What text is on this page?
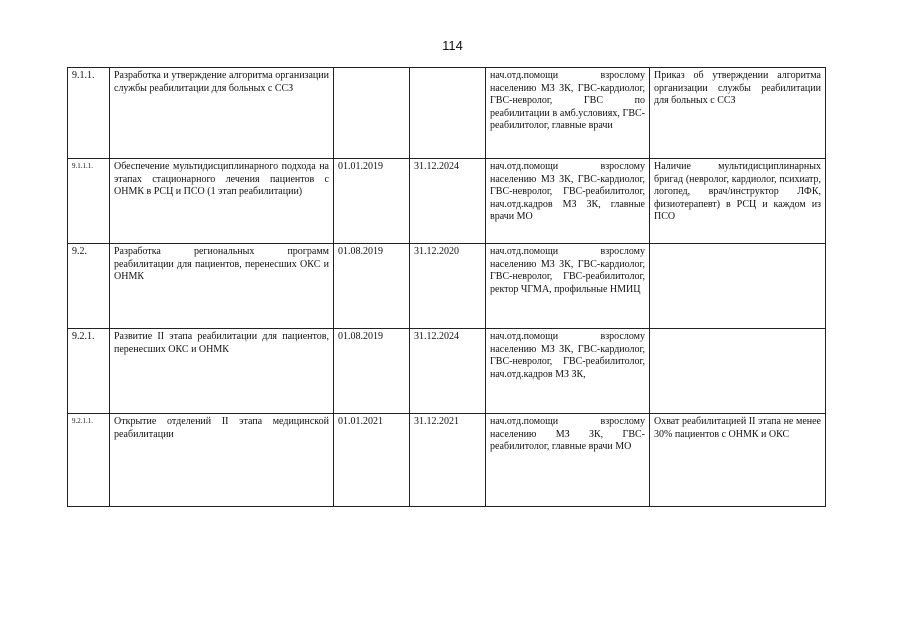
114
9.1.1.	Разработка и утверждение алгоритма организации службы реабилитации для больных с ССЗ			нач.отд.помощи взрослому населению МЗ ЗК, ГВС-кардиолог, ГВС-невролог, ГВС по реабилитации в амб.условиях, ГВС-реабилитолог, главные врачи	Приказ об утверждении алгоритма организации службы реабилитации для больных с ССЗ
9.1.1.1.	Обеспечение мультидисциплинарного подхода на этапах стационарного лечения пациентов с ОНМК в РСЦ и ПСО (1 этап реабилитации)	01.01.2019	31.12.2024	нач.отд.помощи взрослому населению МЗ ЗК, ГВС-кардиолог, ГВС-невролог, ГВС-реабилитолог, нач.отд.кадров МЗ ЗК, главные врачи МО	Наличие мультидисциплинарных бригад (невролог, кардиолог, психиатр, логопед, врач/инструктор ЛФК, физиотерапевт) в РСЦ и каждом из ПСО
9.2.	Разработка региональных программ реабилитации для пациентов, перенесших ОКС и ОНМК	01.08.2019	31.12.2020	нач.отд.помощи взрослому населению МЗ ЗК, ГВС-кардиолог, ГВС-невролог, ГВС-реабилитолог, ректор ЧГМА, профильные НМИЦ	
9.2.1.	Развитие II этапа реабилитации для пациентов, перенесших ОКС и ОНМК	01.08.2019	31.12.2024	нач.отд.помощи взрослому населению МЗ ЗК, ГВС-кардиолог, ГВС-невролог, ГВС-реабилитолог, нач.отд.кадров МЗ ЗК,	
9.2.1.1.	Открытие отделений II этапа медицинской реабилитации	01.01.2021	31.12.2021	нач.отд.помощи взрослому населению МЗ ЗК, ГВС-реабилитолог, главные врачи МО	Охват реабилитацией II этапа не менее 30% пациентов с ОНМК и ОКС
